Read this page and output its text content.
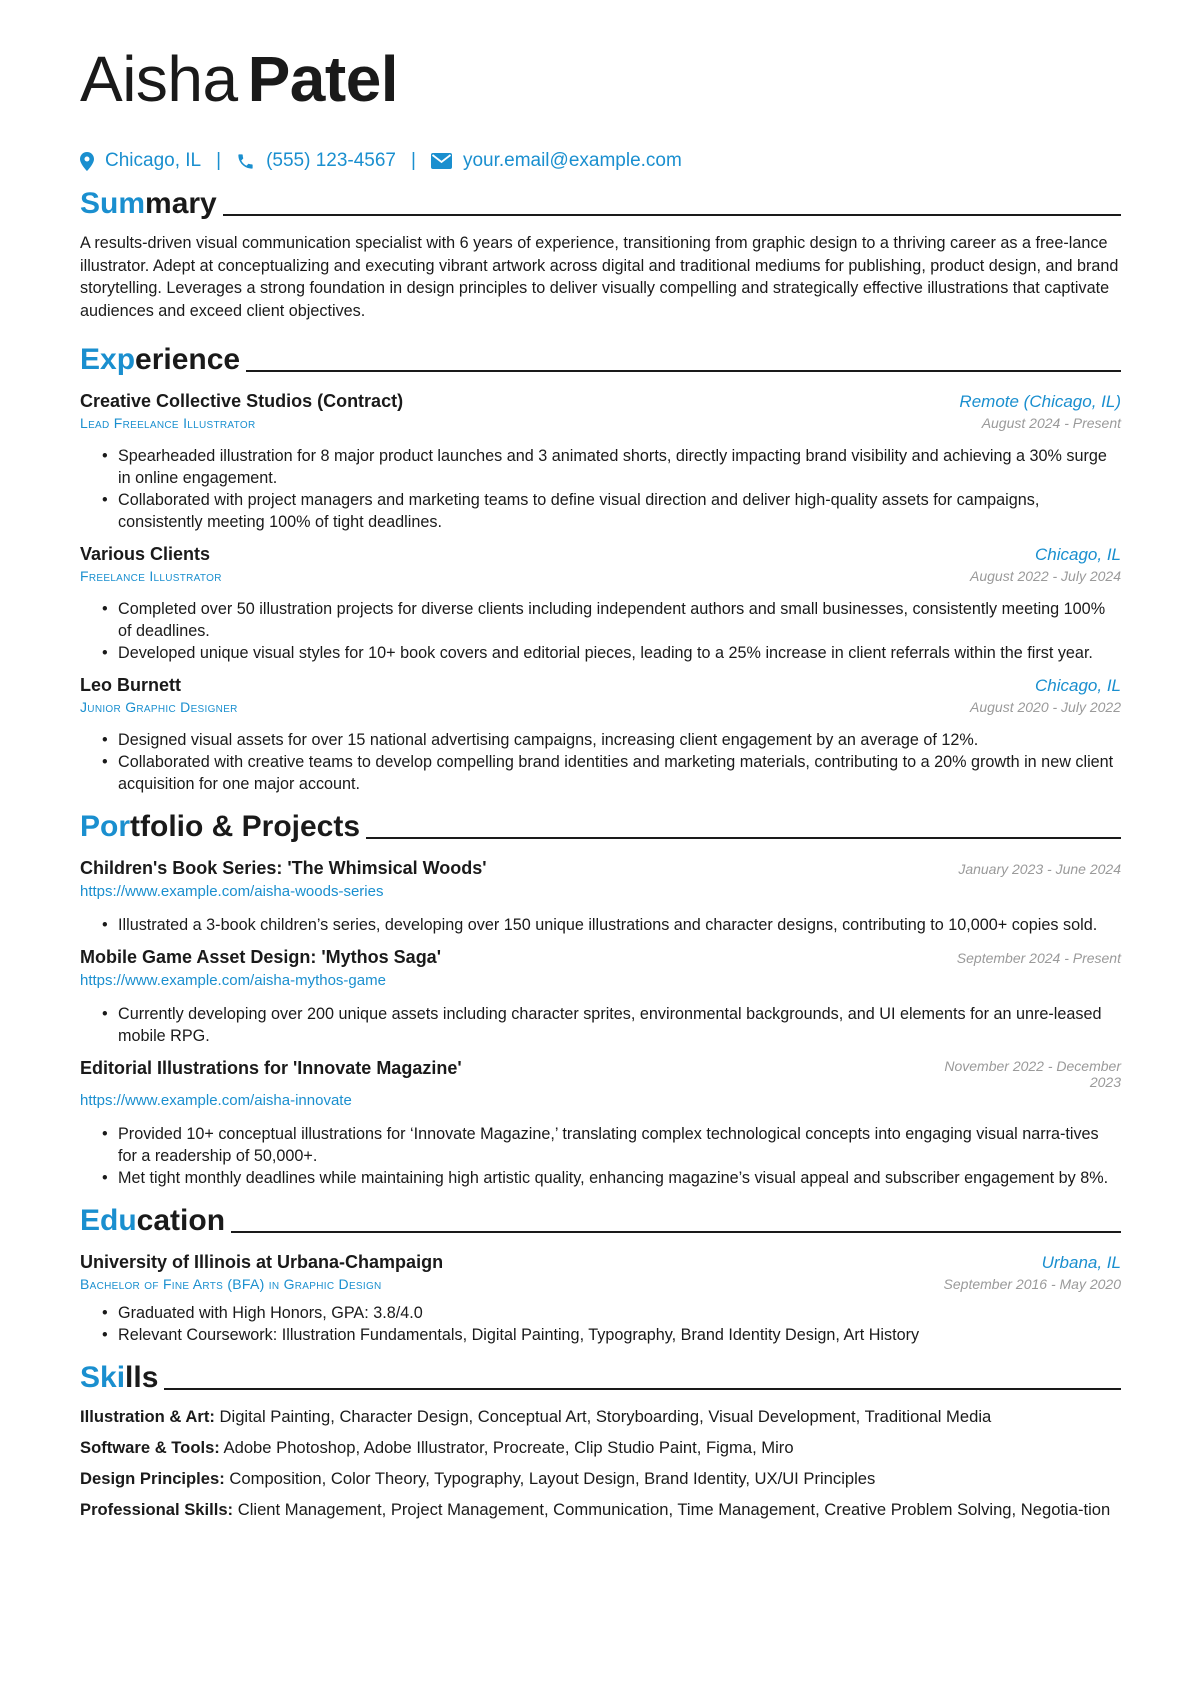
Aisha Patel
Chicago, IL | (555) 123-4567 | your.email@example.com
Summary

A results-driven visual communication specialist with 6 years of experience, transitioning from graphic design to a thriving career as a free-lance illustrator. Adept at conceptualizing and executing vibrant artwork across digital and traditional mediums for publishing, product design, and brand storytelling. Leverages a strong foundation in design principles to deliver visually compelling and strategically effective illustrations that captivate audiences and exceed client objectives.

Experience
Creative Collective Studios (Contract)	Remote (Chicago, IL)
Lead Freelance Illustrator	August 2024 - Present
• Spearheaded illustration for 8 major product launches and 3 animated shorts, directly impacting brand visibility and achieving a 30% surge in online engagement.
• Collaborated with project managers and marketing teams to define visual direction and deliver high-quality assets for campaigns, consistently meeting 100% of tight deadlines.
Various Clients	Chicago, IL
Freelance Illustrator	August 2022 - July 2024
• Completed over 50 illustration projects for diverse clients including independent authors and small businesses, consistently meeting 100% of deadlines.
• Developed unique visual styles for 10+ book covers and editorial pieces, leading to a 25% increase in client referrals within the first year.
Leo Burnett	Chicago, IL
Junior Graphic Designer	August 2020 - July 2022
• Designed visual assets for over 15 national advertising campaigns, increasing client engagement by an average of 12%.
• Collaborated with creative teams to develop compelling brand identities and marketing materials, contributing to a 20% growth in new client acquisition for one major account.
Portfolio & Projects
Children's Book Series: 'The Whimsical Woods'	January 2023 - June 2024
https://www.example.com/aisha-woods-series
• Illustrated a 3-book children’s series, developing over 150 unique illustrations and character designs, contributing to 10,000+ copies sold.
Mobile Game Asset Design: 'Mythos Saga'	September 2024 - Present
https://www.example.com/aisha-mythos-game
• Currently developing over 200 unique assets including character sprites, environmental backgrounds, and UI elements for an unre-leased mobile RPG.
Editorial Illustrations for 'Innovate Magazine'	November 2022 - December
2023
https://www.example.com/aisha-innovate
• Provided 10+ conceptual illustrations for ‘Innovate Magazine,’ translating complex technological concepts into engaging visual narra-tives for a readership of 50,000+.
• Met tight monthly deadlines while maintaining high artistic quality, enhancing magazine’s visual appeal and subscriber engagement by 8%.
Education
University of Illinois at Urbana-Champaign	Urbana, IL
Bachelor of Fine Arts (BFA) in Graphic Design	September 2016 - May 2020
• Graduated with High Honors, GPA: 3.8/4.0
• Relevant Coursework: Illustration Fundamentals, Digital Painting, Typography, Brand Identity Design, Art History
Skills
Illustration & Art: Digital Painting, Character Design, Conceptual Art, Storyboarding, Visual Development, Traditional Media
Software & Tools: Adobe Photoshop, Adobe Illustrator, Procreate, Clip Studio Paint, Figma, Miro
Design Principles: Composition, Color Theory, Typography, Layout Design, Brand Identity, UX/UI Principles
Professional Skills: Client Management, Project Management, Communication, Time Management, Creative Problem Solving, Negotia-tion
